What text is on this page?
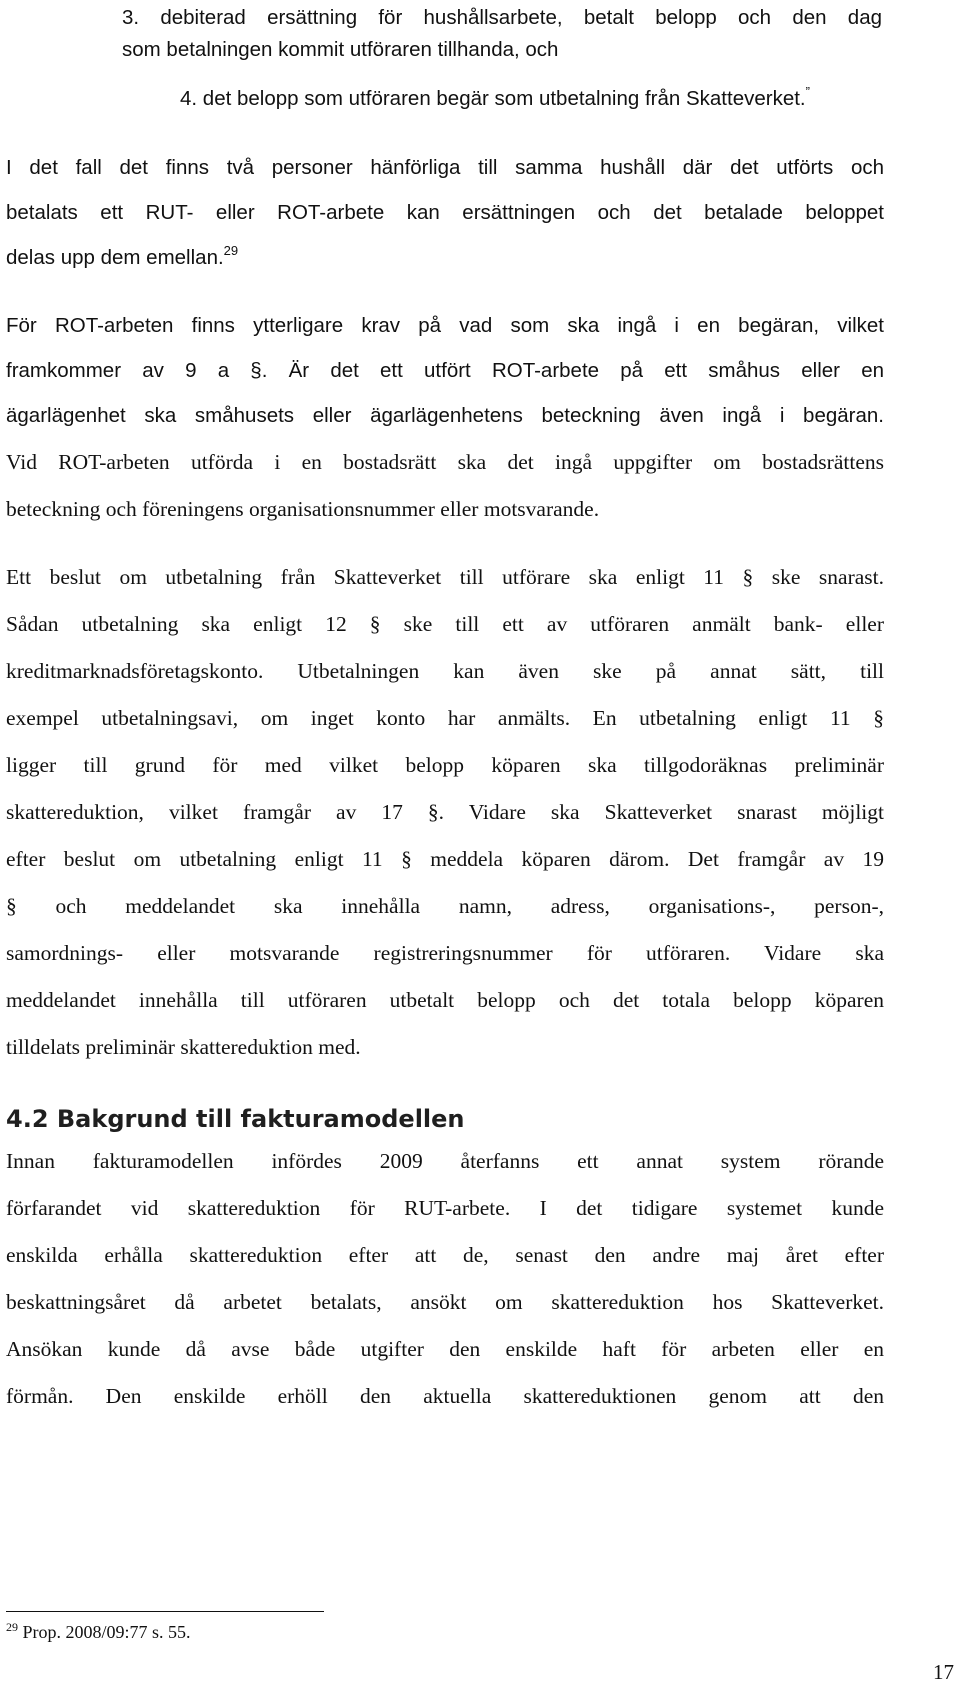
3. debiterad ersättning för hushållsarbete, betalt belopp och den dag
som betalningen kommit utföraren tillhanda, och
4. det belopp som utföraren begär som utbetalning från Skatteverket.”
I det fall det finns två personer hänförliga till samma hushåll där det utförts och
betalats ett RUT- eller ROT-arbete kan ersättningen och det betalade beloppet
delas upp dem emellan.$^{29}$
För ROT-arbeten finns ytterligare krav på vad som ska ingå i en begäran, vilket
framkommer av 9 a §. Är det ett utfört ROT-arbete på ett småhus eller en
ägarlägenhet ska småhusets eller ägarlägenhetens beteckning även ingå i begäran.
Vid ROT-arbeten utförda i en bostadsrätt ska det ingå uppgifter om bostadsrättens
beteckning och föreningens organisationsnummer eller motsvarande.
Ett beslut om utbetalning från Skatteverket till utförare ska enligt 11 § ske snarast.
Sådan utbetalning ska enligt 12 § ske till ett av utföraren anmält bank- eller
kreditmarknadsföretagskonto. Utbetalningen kan även ske på annat sätt, till
exempel utbetalningsavi, om inget konto har anmälts. En utbetalning enligt 11 §
ligger till grund för med vilket belopp köparen ska tillgodoräknas preliminär
skattereduktion, vilket framgår av 17 §. Vidare ska Skatteverket snarast möjligt
efter beslut om utbetalning enligt 11 § meddela köparen därom. Det framgår av 19
§ och meddelandet ska innehålla namn, adress, organisations-, person-,
samordnings- eller motsvarande registreringsnummer för utföraren. Vidare ska
meddelandet innehålla till utföraren utbetalt belopp och det totala belopp köparen
tilldelats preliminär skattereduktion med.
4.2 Bakgrund till fakturamodellen
Innan fakturamodellen infördes 2009 återfanns ett annat system rörande
förfarandet vid skattereduktion för RUT-arbete. I det tidigare systemet kunde
enskilda erhålla skattereduktion efter att de, senast den andre maj året efter
beskattningsåret då arbetet betalats, ansökt om skattereduktion hos Skatteverket.
Ansökan kunde då avse både utgifter den enskilde haft för arbeten eller en
förmån. Den enskilde erhöll den aktuella skattereduktionen genom att den
$^{29}$ Prop. 2008/09:77 s. 55.
17
